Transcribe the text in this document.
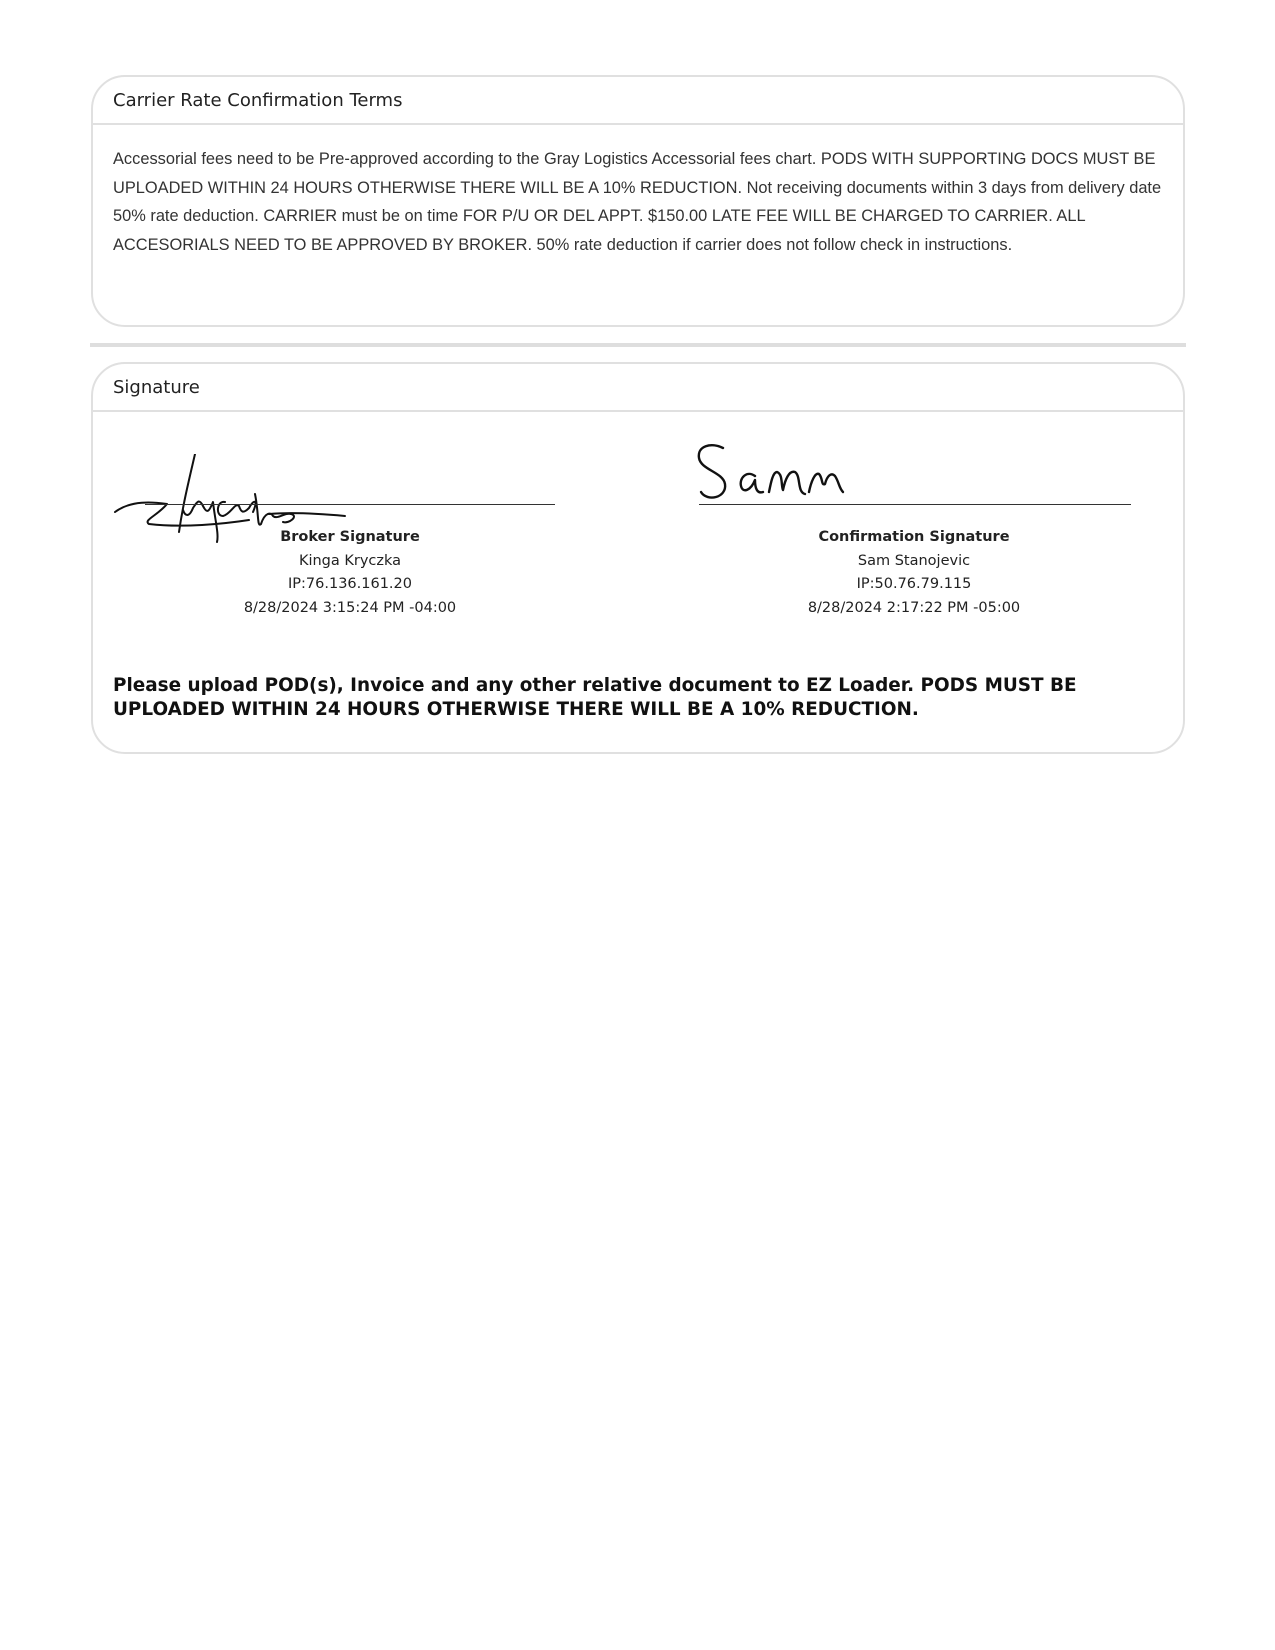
Carrier Rate Confirmation Terms
Accessorial fees need to be Pre-approved according to the Gray Logistics Accessorial fees chart. PODS WITH SUPPORTING DOCS MUST BE UPLOADED WITHIN 24 HOURS OTHERWISE THERE WILL BE A 10% REDUCTION. Not receiving documents within 3 days from delivery date 50% rate deduction. CARRIER must be on time FOR P/U OR DEL APPT. $150.00 LATE FEE WILL BE CHARGED TO CARRIER. ALL ACCESORIALS NEED TO BE APPROVED BY BROKER. 50% rate deduction if carrier does not follow check in instructions.
Signature
Broker Signature
Kinga Kryczka
IP:76.136.161.20
8/28/2024 3:15:24 PM -04:00
Confirmation Signature
Sam Stanojevic
IP:50.76.79.115
8/28/2024 2:17:22 PM -05:00
Please upload POD(s), Invoice and any other relative document to EZ Loader. PODS MUST BE UPLOADED WITHIN 24 HOURS OTHERWISE THERE WILL BE A 10% REDUCTION.
